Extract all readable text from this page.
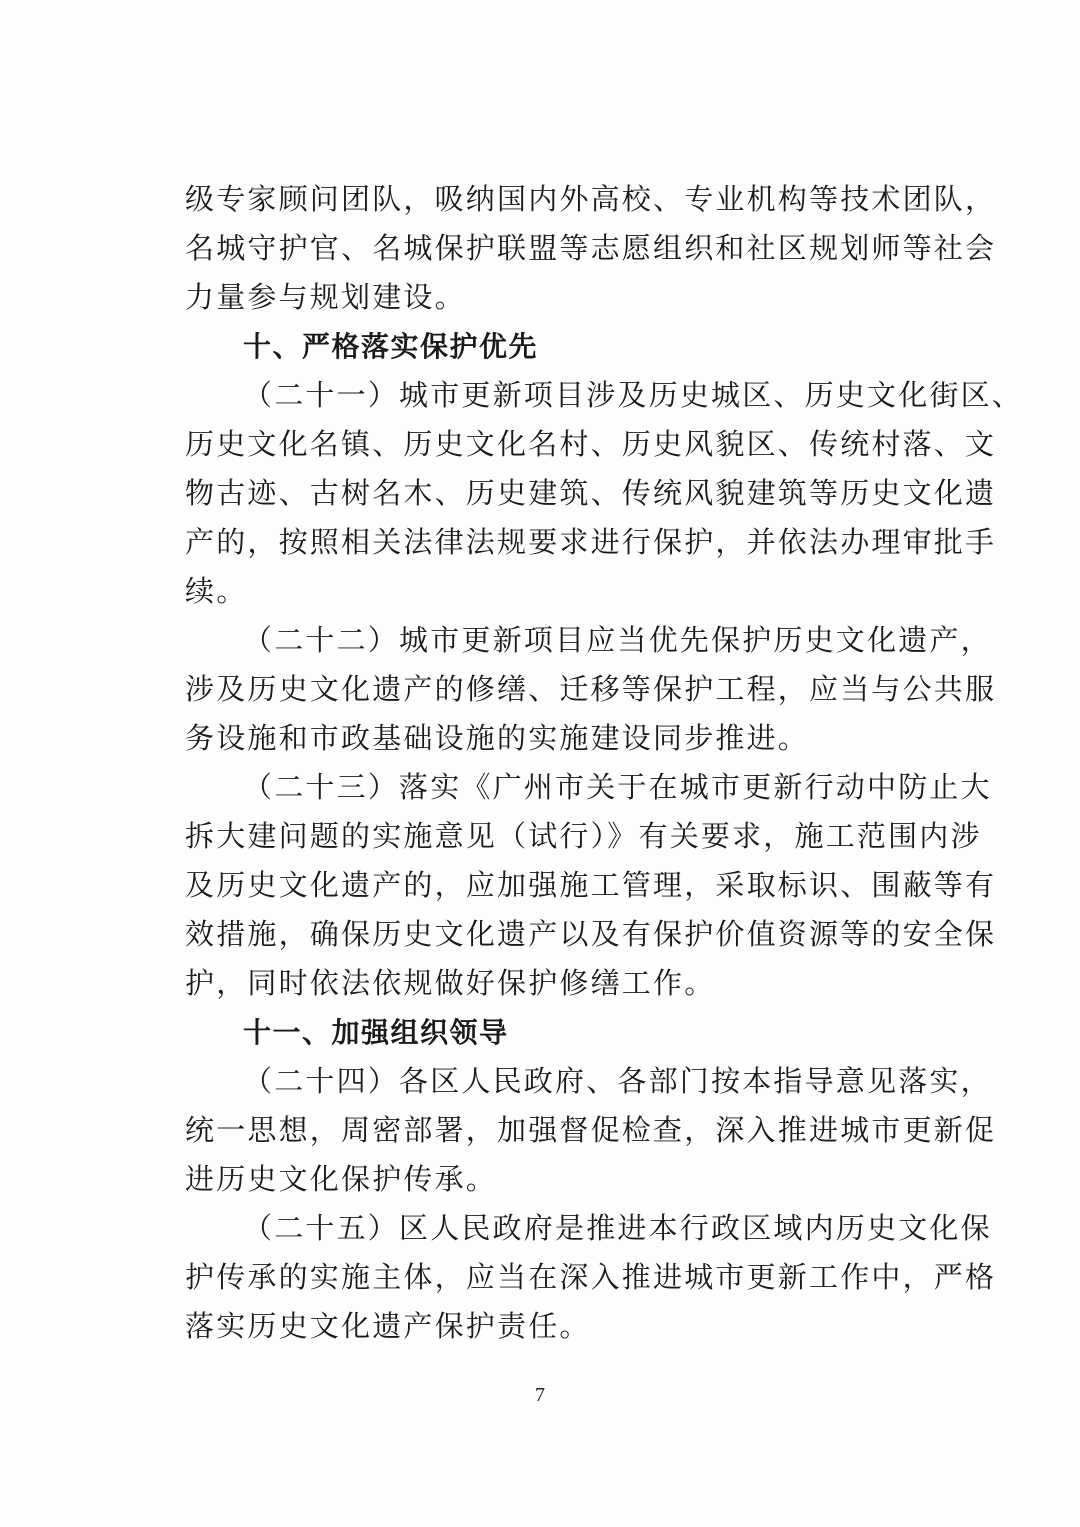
级专家顾问团队，吸纳国内外高校、专业机构等技术团队，
名城守护官、名城保护联盟等志愿组织和社区规划师等社会
力量参与规划建设。
十、严格落实保护优先
（二十一）城市更新项目涉及历史城区、历史文化街区、
历史文化名镇、历史文化名村、历史风貌区、传统村落、文
物古迹、古树名木、历史建筑、传统风貌建筑等历史文化遗
产的，按照相关法律法规要求进行保护，并依法办理审批手
续。
（二十二）城市更新项目应当优先保护历史文化遗产，
涉及历史文化遗产的修缮、迁移等保护工程，应当与公共服
务设施和市政基础设施的实施建设同步推进。
（二十三）落实《广州市关于在城市更新行动中防止大
拆大建问题的实施意见（试行）》有关要求，施工范围内涉
及历史文化遗产的，应加强施工管理，采取标识、围蔽等有
效措施，确保历史文化遗产以及有保护价值资源等的安全保
护，同时依法依规做好保护修缮工作。
十一、加强组织领导
（二十四）各区人民政府、各部门按本指导意见落实，
统一思想，周密部署，加强督促检查，深入推进城市更新促
进历史文化保护传承。
（二十五）区人民政府是推进本行政区域内历史文化保
护传承的实施主体，应当在深入推进城市更新工作中，严格
落实历史文化遗产保护责任。
7
